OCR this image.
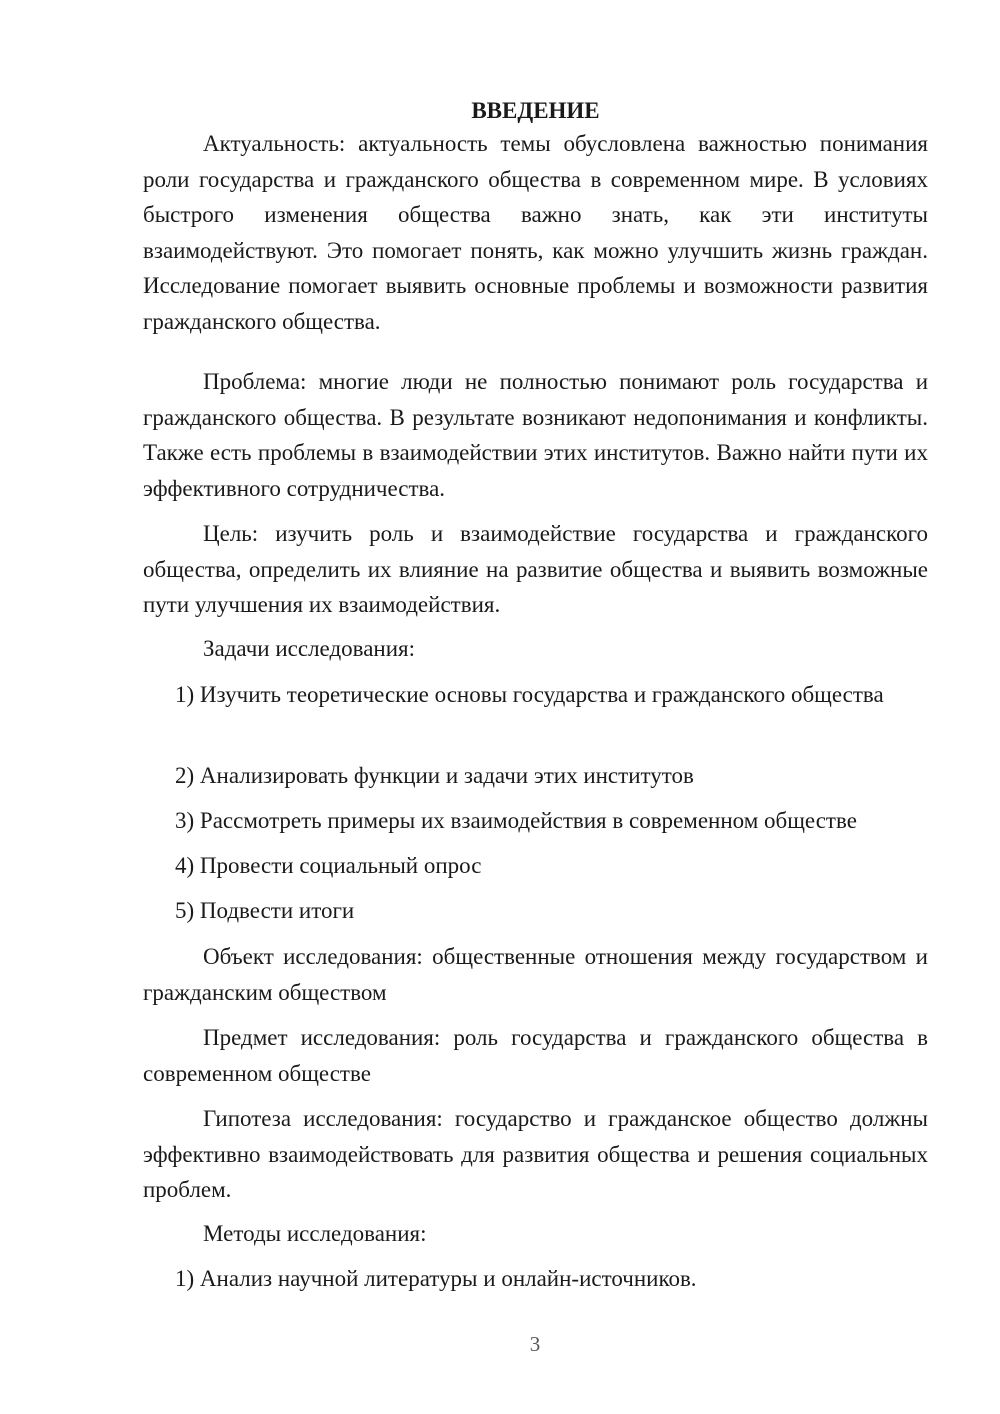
ВВЕДЕНИЕ

Актуальность: актуальность темы обусловлена важностью понимания роли государства и гражданского общества в современном мире. В условиях быстрого изменения общества важно знать, как эти институты взаимодействуют. Это помогает понять, как можно улучшить жизнь граждан. Исследование помогает выявить основные проблемы и возможности развития гражданского общества.

Проблема: многие люди не полностью понимают роль государства и гражданского общества. В результате возникают недопонимания и конфликты. Также есть проблемы в взаимодействии этих институтов. Важно найти пути их эффективного сотрудничества.

Цель: изучить роль и взаимодействие государства и гражданского общества, определить их влияние на развитие общества и выявить возможные пути улучшения их взаимодействия.

Задачи исследования:

1) Изучить теоретические основы государства и гражданского общества

2) Анализировать функции и задачи этих институтов

3) Рассмотреть примеры их взаимодействия в современном обществе

4) Провести социальный опрос

5) Подвести итоги

Объект исследования: общественные отношения между государством и гражданским обществом

Предмет исследования: роль государства и гражданского общества в современном обществе

Гипотеза исследования: государство и гражданское общество должны эффективно взаимодействовать для развития общества и решения социальных проблем.

Методы исследования:

1) Анализ научной литературы и онлайн-источников.

3
